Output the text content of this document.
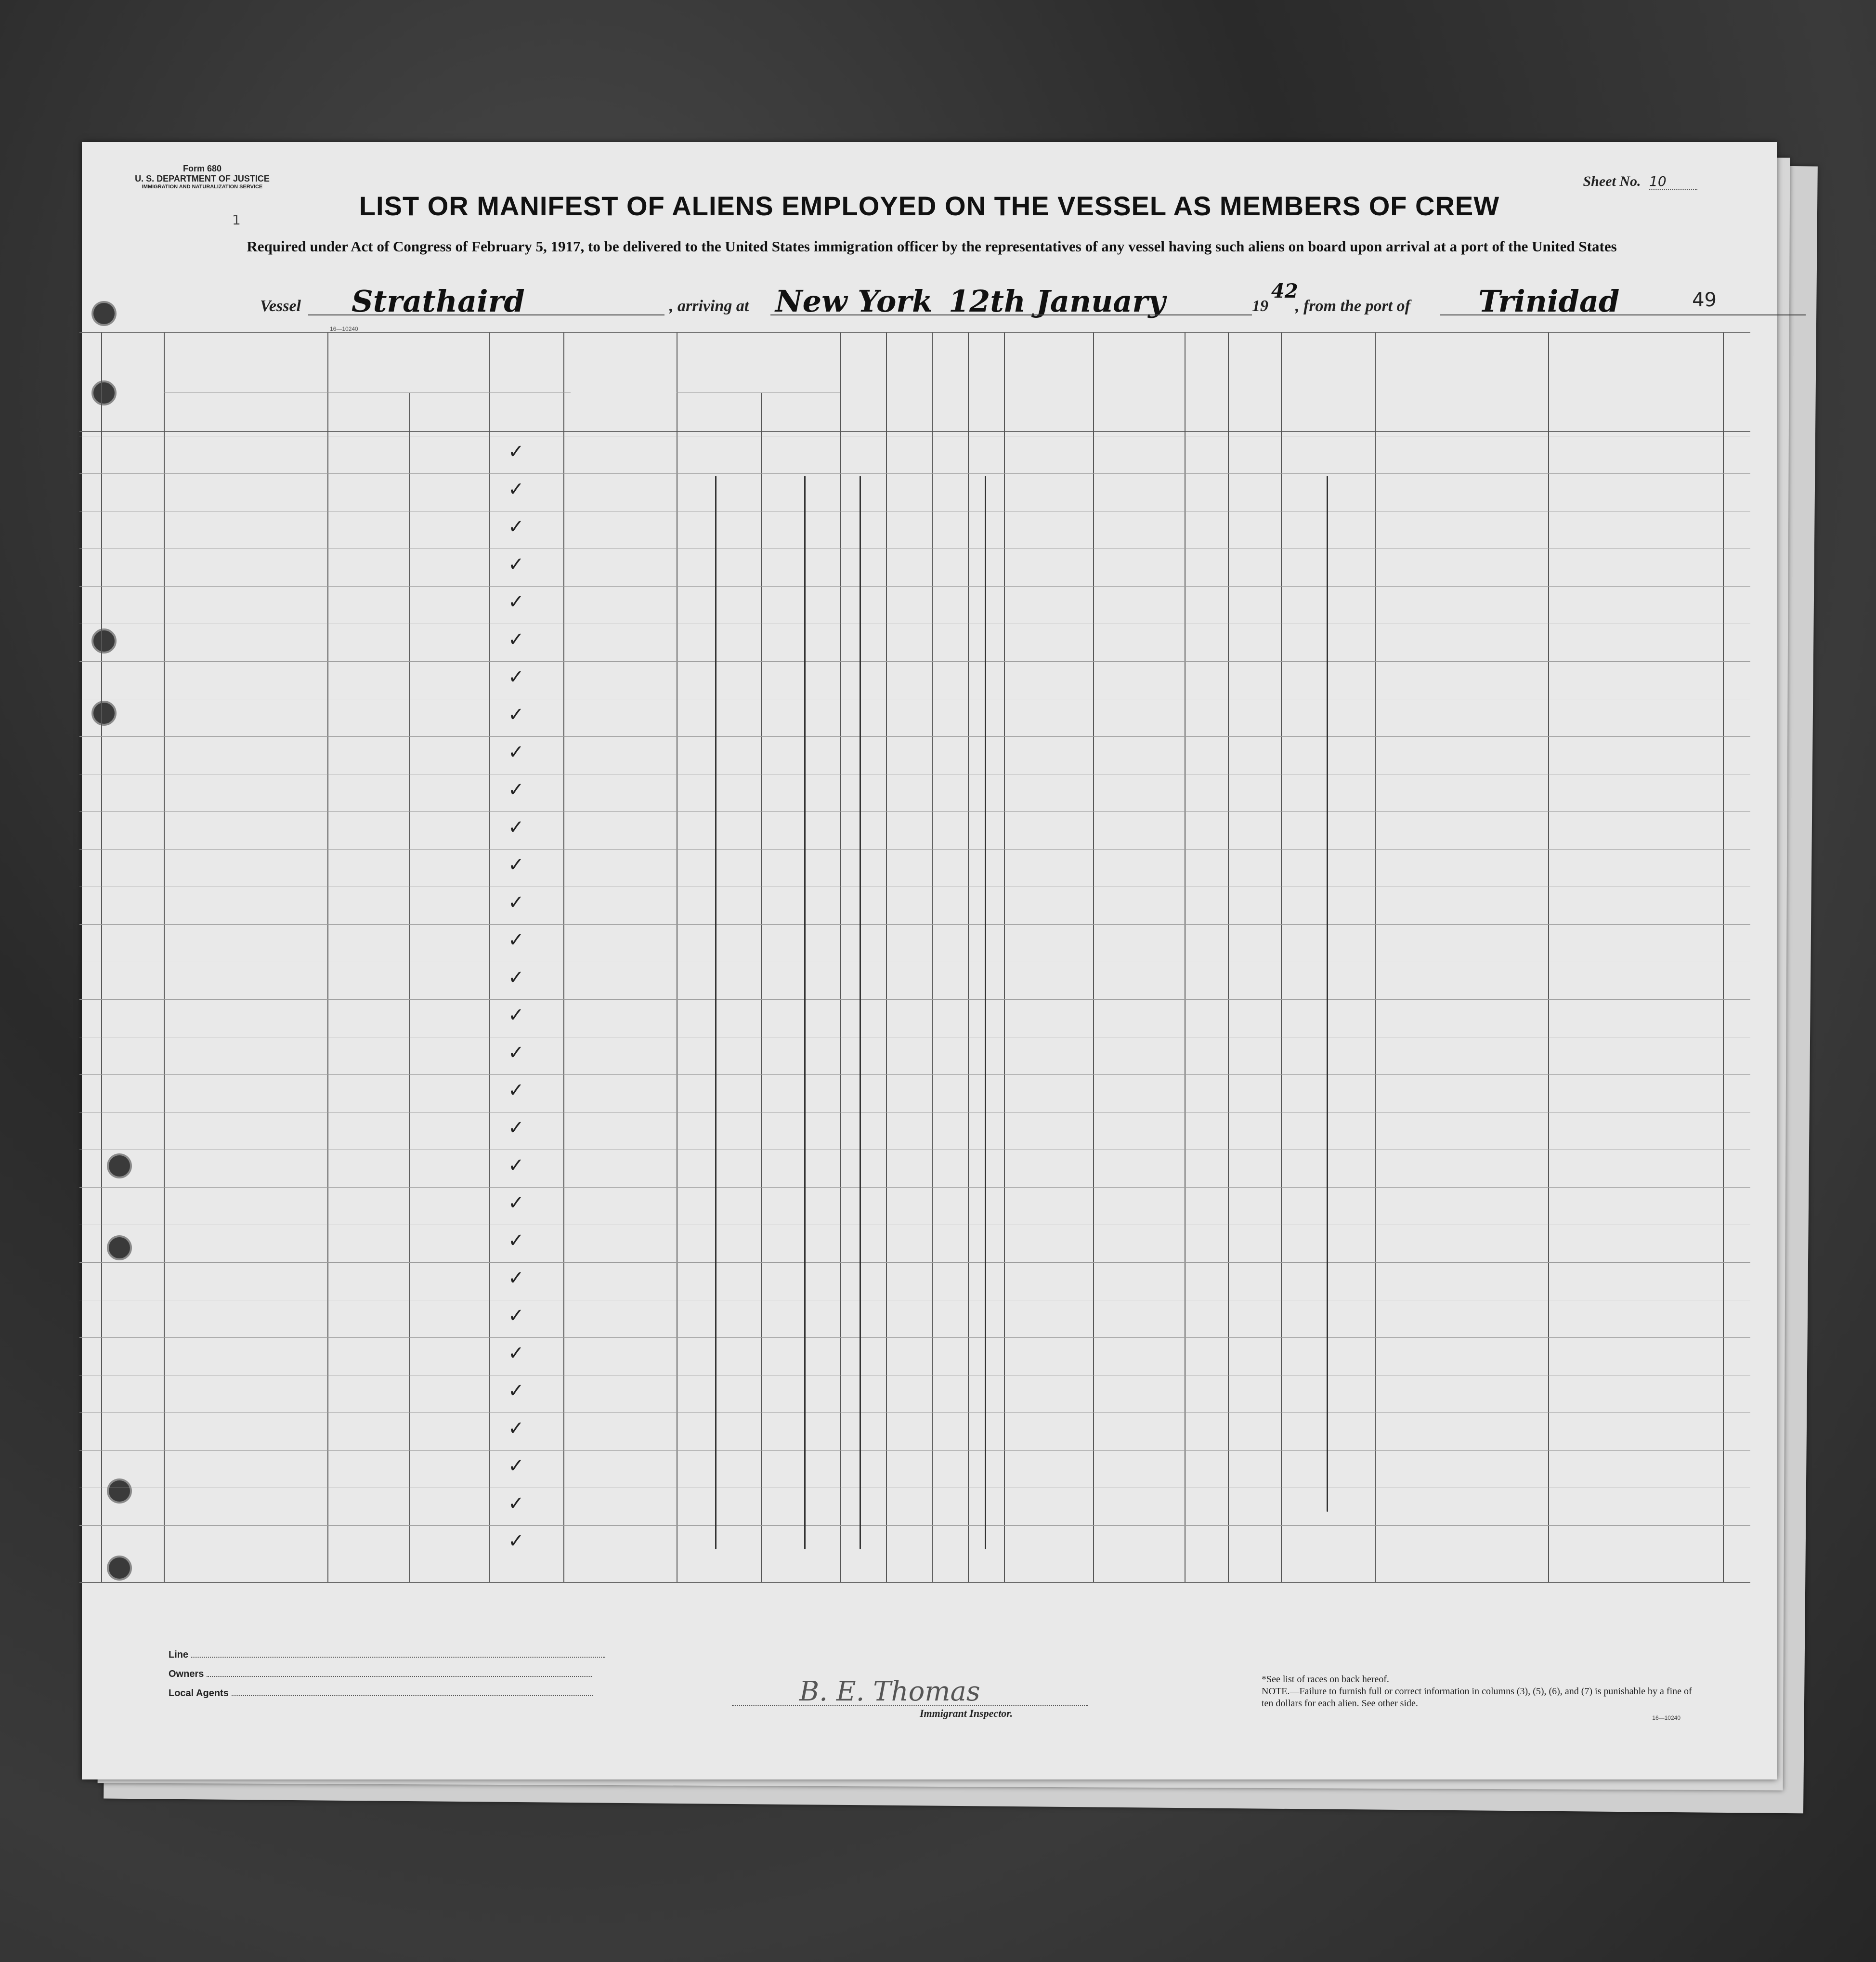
Form 680
U. S. DEPARTMENT OF JUSTICE
IMMIGRATION AND NATURALIZATION SERVICE
1
Sheet No. 10
LIST OR MANIFEST OF ALIENS EMPLOYED ON THE VESSEL AS MEMBERS OF CREW
Required under Act of Congress of February 5, 1917, to be delivered to the United States immigration officer by the representatives of any vessel having such aliens on board upon arrival at a port of the United States
Vessel Strathaird	, arriving at New York 12th January	19
42
, from the port of Trinidad	49
16—10240
✓
✓
✓
✓
✓
✓
✓
✓
✓
✓
✓
✓
✓
✓
✓
✓
✓
✓
✓
✓
✓
✓
✓
✓
✓
✓
✓
✓
✓
✓
Line
Owners
Local Agents	B. E. Thomas
Immigrant Inspector.
*See list of races on back hereof.
NOTE.—Failure to furnish full or correct information in columns (3), (5), (6), and (7) is punishable by a fine of ten dollars for each alien. See other side.
16—10240
